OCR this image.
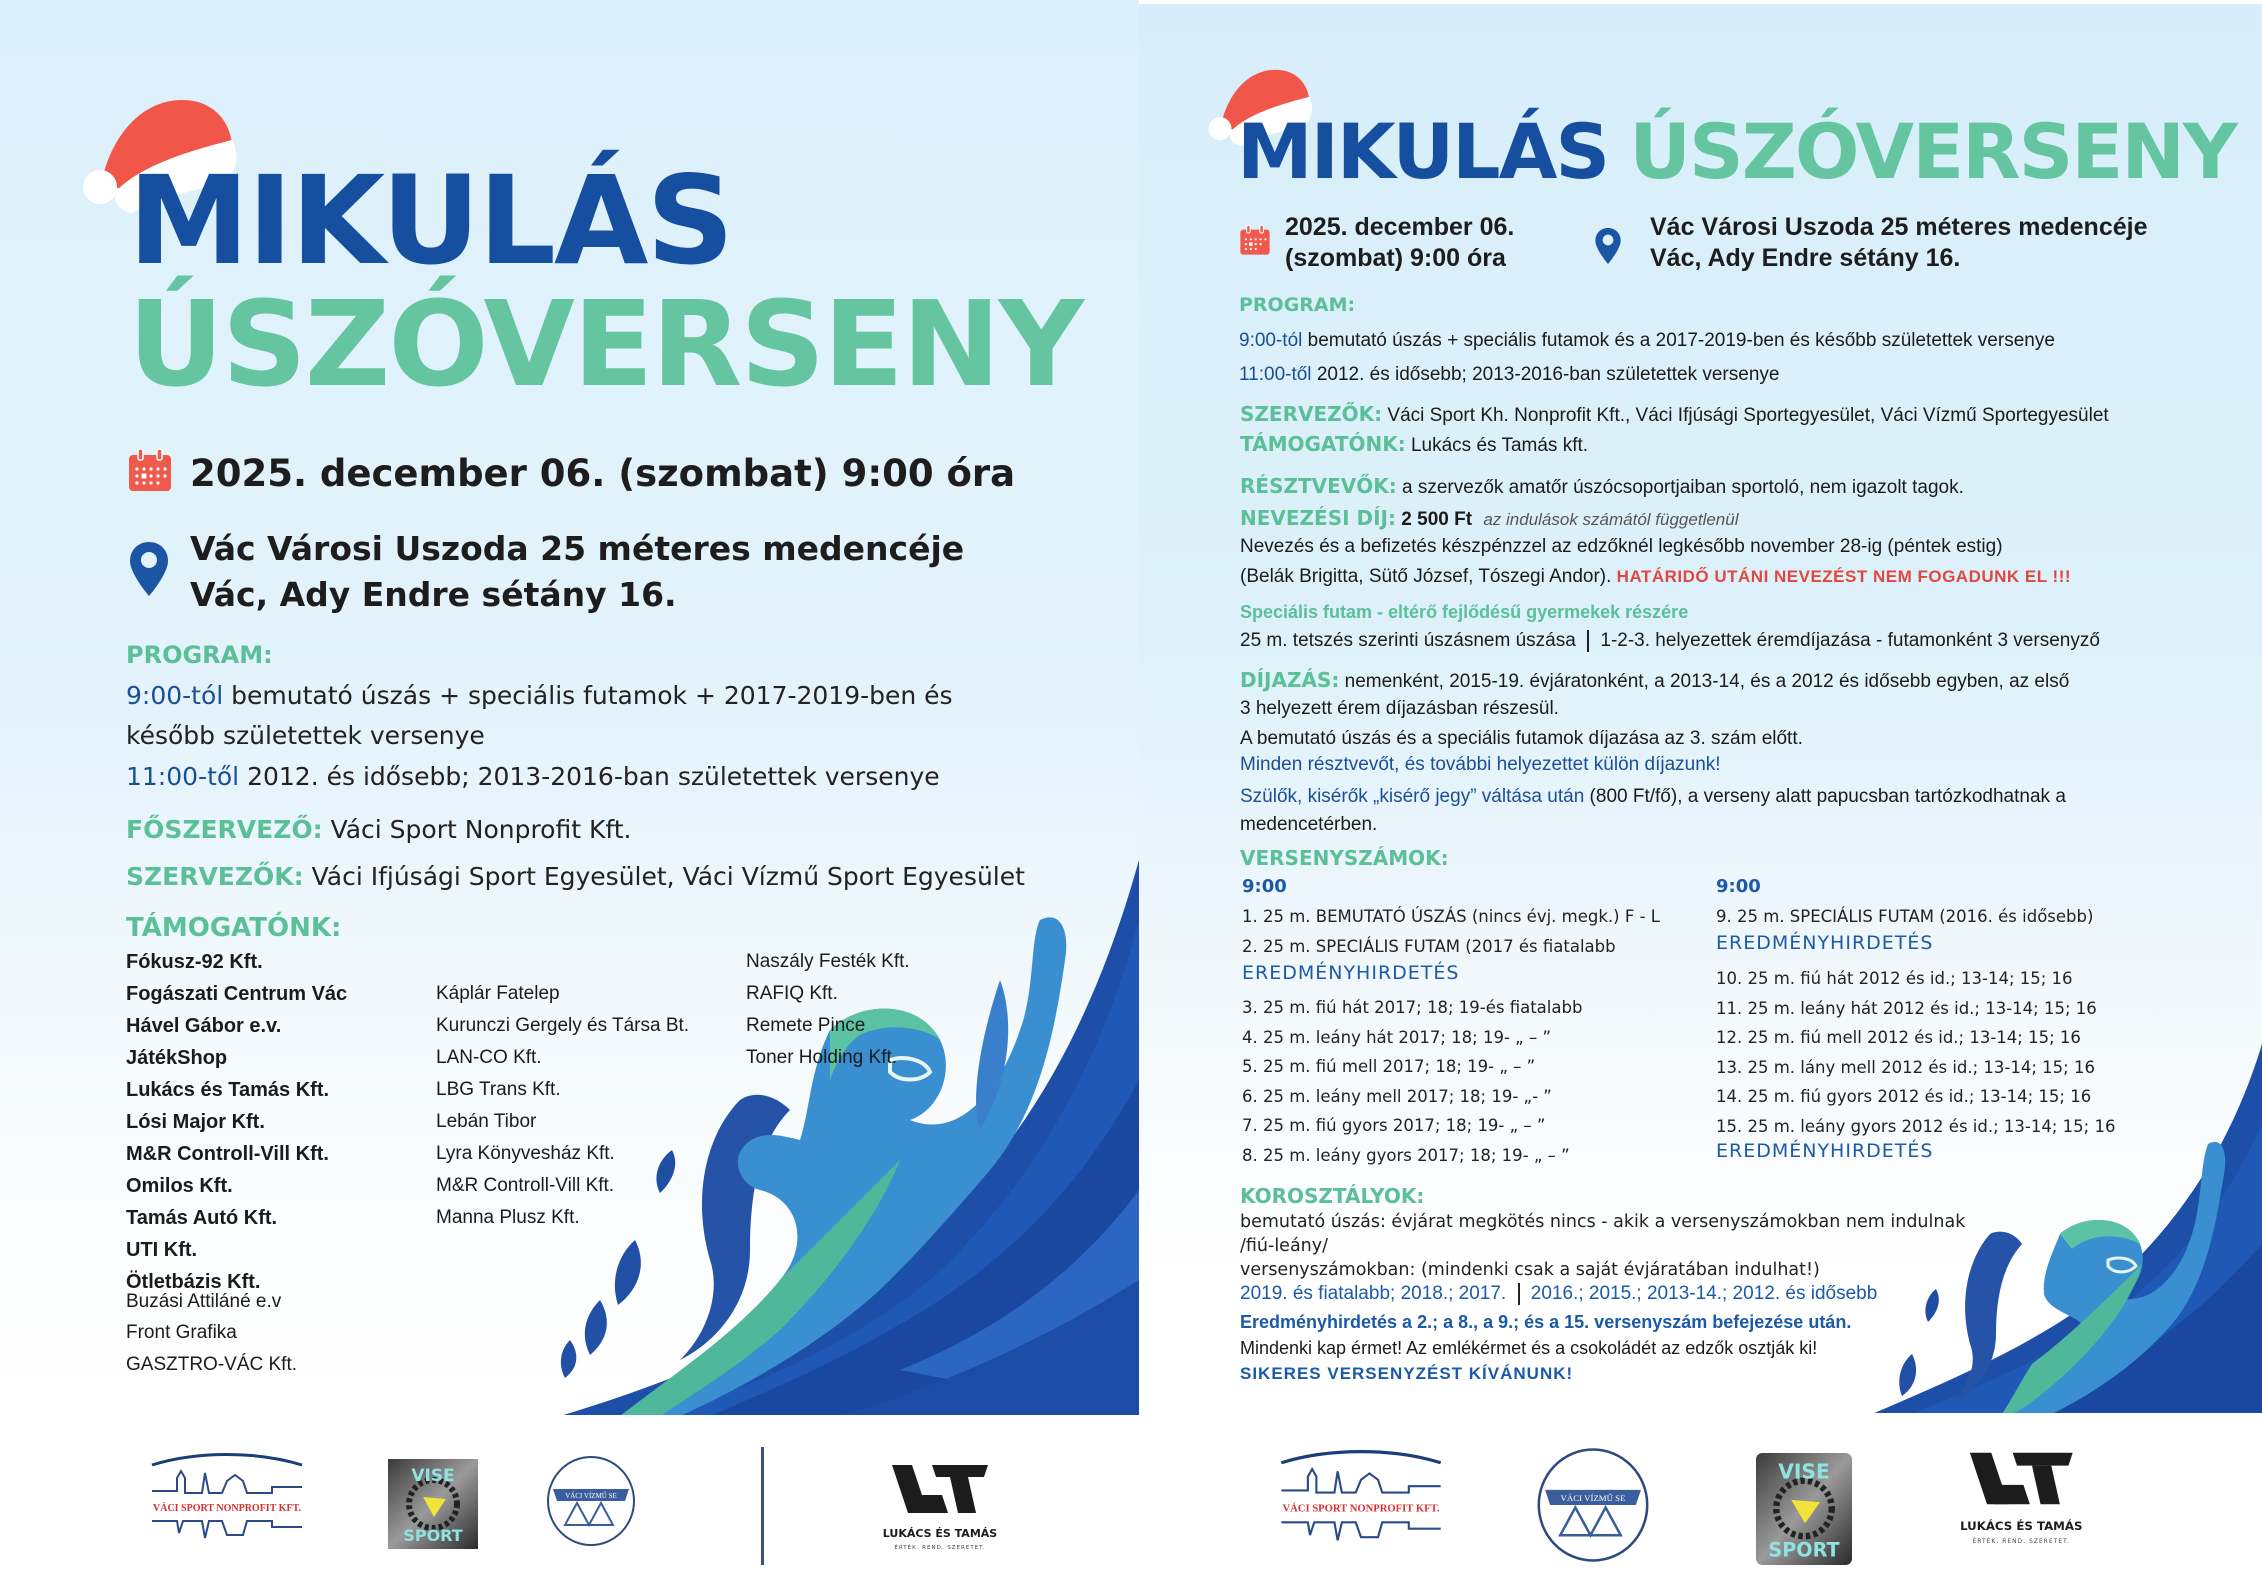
MIKULÁS
ÚSZÓVERSENY
2025. december 06. (szombat) 9:00 óra
Vác Városi Uszoda 25 méteres medencéje
Vác, Ady Endre sétány 16.
PROGRAM:
9:00-tól bemutató úszás + speciális futamok + 2017-2019-ben és
később születettek versenye
11:00-től 2012. és idősebb; 2013-2016-ban születettek versenye
FŐSZERVEZŐ: Váci Sport Nonprofit Kft.
SZERVEZŐK: Váci Ifjúsági Sport Egyesület, Váci Vízmű Sport Egyesület
TÁMOGATÓNK:
Fókusz-92 Kft.
Fogászati Centrum Vác
Hável Gábor e.v.
JátékShop
Lukács és Tamás Kft.
Lósi Major Kft.
M&R Controll-Vill Kft.
Omilos Kft.
Tamás Autó Kft.
UTI Kft.
Ötletbázis Kft.
Buzási Attiláné e.v
Front Grafika
GASZTRO-VÁC Kft.
Káplár Fatelep
Kurunczi Gergely és Társa Bt.
LAN-CO Kft.
LBG Trans Kft.
Lebán Tibor
Lyra Könyvesház Kft.
M&R Controll-Vill Kft.
Manna Plusz Kft.
Naszály Festék Kft.
RAFIQ Kft.
Remete Pince
Toner Holding Kft.
VÁCI SPORT NONPROFIT KFT.
VISE
SPORT
VÁCI VÍZMŰ SE
LUKÁCS ÉS TAMÁS
ÉRTÉK. REND. SZERETET.
MIKULÁS ÚSZÓVERSENY
2025. december 06.
(szombat) 9:00 óra
Vác Városi Uszoda 25 méteres medencéje
Vác, Ady Endre sétány 16.
PROGRAM:
9:00-tól bemutató úszás + speciális futamok és a 2017-2019-ben és később születettek versenye
11:00-től 2012. és idősebb; 2013-2016-ban születettek versenye
SZERVEZŐK: Váci Sport Kh. Nonprofit Kft., Váci Ifjúsági Sportegyesület, Váci Vízmű Sportegyesület
TÁMOGATÓNK: Lukács és Tamás kft.
RÉSZTVEVŐK: a szervezők amatőr úszócsoportjaiban sportoló, nem igazolt tagok.
NEVEZÉSI DÍJ: 2 500 Ft az indulások számától függetlenül
Nevezés és a befizetés készpénzzel az edzőknél legkésőbb november 28-ig (péntek estig)
(Belák Brigitta, Sütő József, Tószegi Andor). HATÁRIDŐ UTÁNI NEVEZÉST NEM FOGADUNK EL !!!
Speciális futam - eltérő fejlődésű gyermekek részére
25 m. tetszés szerinti úszásnem úszása 1-2-3. helyezettek éremdíjazása - futamonként 3 versenyző
DÍJAZÁS: nemenként, 2015-19. évjáratonként, a 2013-14, és a 2012 és idősebb egyben, az első
3 helyezett érem díjazásban részesül.
A bemutató úszás és a speciális futamok díjazása az 3. szám előtt.
Minden résztvevőt, és további helyezettet külön díjazunk!
Szülők, kisérők „kisérő jegy” váltása után (800 Ft/fő), a verseny alatt papucsban tartózkodhatnak a
medencetérben.
VERSENYSZÁMOK:
9:00
1. 25 m. BEMUTATÓ ÚSZÁS (nincs évj. megk.) F - L
2. 25 m. SPECIÁLIS FUTAM (2017 és fiatalabb
EREDMÉNYHIRDETÉS
3. 25 m. fiú hát 2017; 18; 19-és fiatalabb
4. 25 m. leány hát 2017; 18; 19- „ – ”
5. 25 m. fiú mell 2017; 18; 19- „ – ”
6. 25 m. leány mell 2017; 18; 19- „- ”
7. 25 m. fiú gyors 2017; 18; 19- „ – ”
8. 25 m. leány gyors 2017; 18; 19- „ – ”
9:00
9. 25 m. SPECIÁLIS FUTAM (2016. és idősebb)
EREDMÉNYHIRDETÉS
10. 25 m. fiú hát 2012 és id.; 13-14; 15; 16
11. 25 m. leány hát 2012 és id.; 13-14; 15; 16
12. 25 m. fiú mell 2012 és id.; 13-14; 15; 16
13. 25 m. lány mell 2012 és id.; 13-14; 15; 16
14. 25 m. fiú gyors 2012 és id.; 13-14; 15; 16
15. 25 m. leány gyors 2012 és id.; 13-14; 15; 16
EREDMÉNYHIRDETÉS
KOROSZTÁLYOK:
bemutató úszás: évjárat megkötés nincs - akik a versenyszámokban nem indulnak
/fiú-leány/
versenyszámokban: (mindenki csak a saját évjáratában indulhat!)
2019. és fiatalabb; 2018.; 2017. 2016.; 2015.; 2013-14.; 2012. és idősebb
Eredményhirdetés a 2.; a 8., a 9.; és a 15. versenyszám befejezése után.
Mindenki kap érmet! Az emlékérmet és a csokoládét az edzők osztják ki!
SIKERES VERSENYZÉST KÍVÁNUNK!
VÁCI SPORT NONPROFIT KFT.
VÁCI VÍZMŰ SE
VISE
SPORT
LUKÁCS ÉS TAMÁS
ÉRTÉK. REND. SZERETET.
